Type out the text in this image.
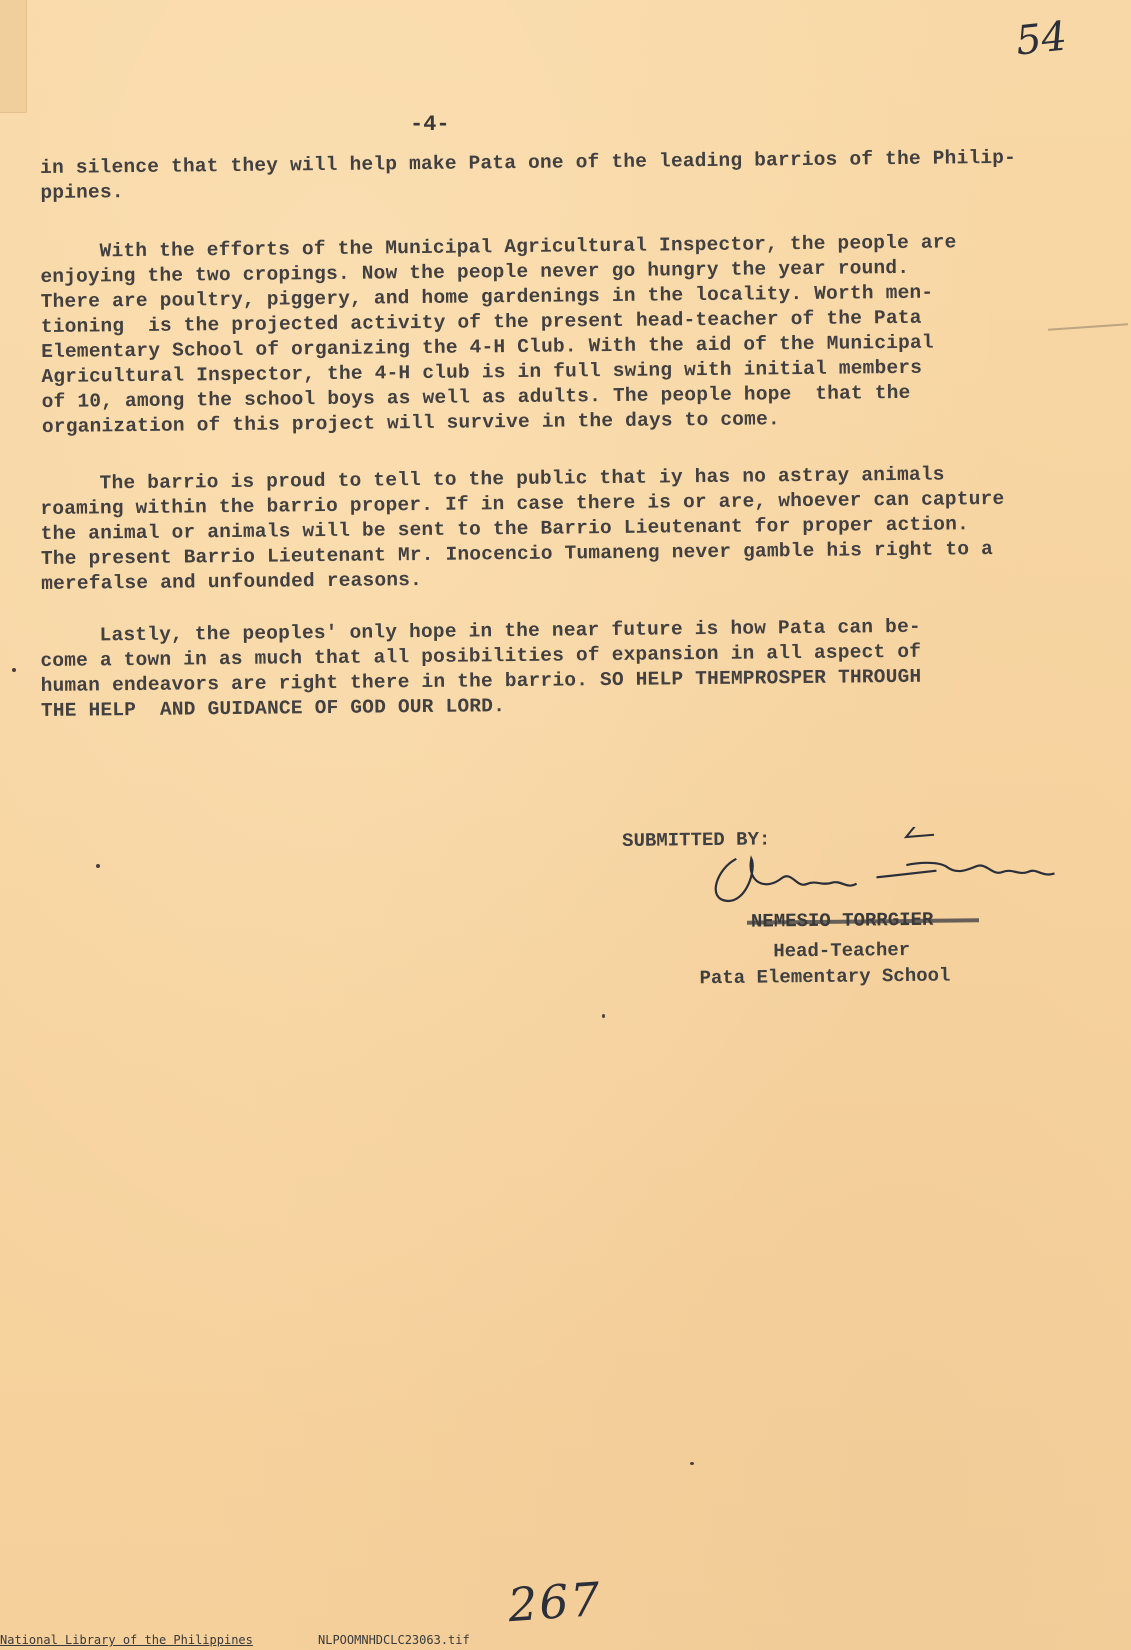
54
-4-

in silence that they will help make Pata one of the leading barrios of the Philip-
ppines.

With the efforts of the Municipal Agricultural Inspector, the people are
enjoying the two cropings. Now the people never go hungry the year round.
There are poultry, piggery, and home gardenings in the locality. Worth men-
tioning  is the projected activity of the present head-teacher of the Pata
Elementary School of organizing the 4-H Club. With the aid of the Municipal
Agricultural Inspector, the 4-H club is in full swing with initial members
of 10, among the school boys as well as adults. The people hope  that the
organization of this project will survive in the days to come.

The barrio is proud to tell to the public that iy has no astray animals
roaming within the barrio proper. If in case there is or are, whoever can capture
the animal or animals will be sent to the Barrio Lieutenant for proper action.
The present Barrio Lieutenant Mr. Inocencio Tumaneng never gamble his right to a
merefalse and unfounded reasons.

Lastly, the peoples' only hope in the near future is how Pata can be-
come a town in as much that all posibilities of expansion in all aspect of
human endeavors are right there in the barrio. SO HELP THEMPROSPER THROUGH
THE HELP  AND GUIDANCE OF GOD OUR LORD.

SUBMITTED BY:
NEMESIO TORRGIER
Head-Teacher
Pata Elementary School
267
National Library of the Philippines	NLPOOMNHDCLC23063.tif
